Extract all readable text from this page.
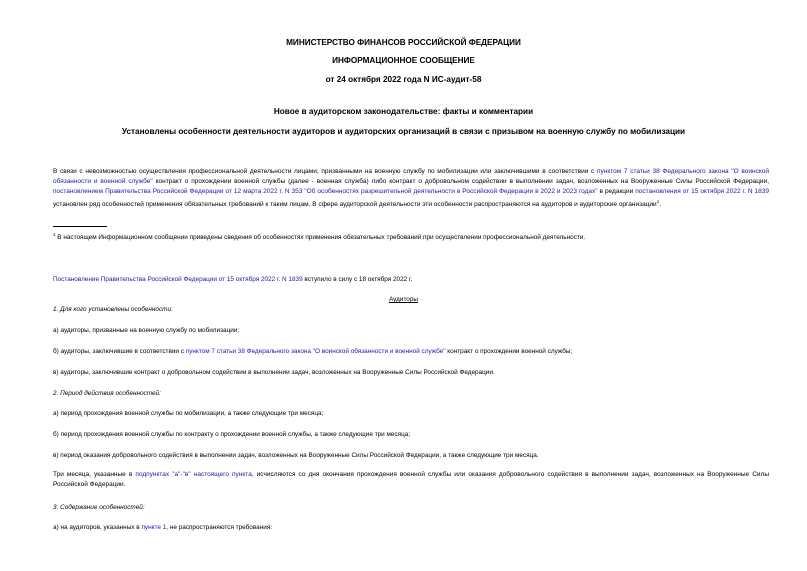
МИНИСТЕРСТВО ФИНАНСОВ РОССИЙСКОЙ ФЕДЕРАЦИИ
ИНФОРМАЦИОННОЕ СООБЩЕНИЕ
от 24 октября 2022 года N ИС-аудит-58
Новое в аудиторском законодательстве: факты и комментарии
Установлены особенности деятельности аудиторов и аудиторских организаций в связи с призывом на военную службу по мобилизации
В связи с невозможностью осуществления профессиональной деятельности лицами, призванными на военную службу по мобилизации или заключившими в соответствии с пунктом 7 статьи 38 Федерального закона "О воинской обязанности и военной службе" контракт о прохождении военной службы (далее - военная служба) либо контракт о добровольном содействии в выполнении задач, возложенных на Вооруженные Силы Российской Федерации, постановлением Правительства Российской Федерации от 12 марта 2022 г. N 353 "Об особенностях разрешительной деятельности в Российской Федерации в 2022 и 2023 годах" в редакции постановления от 15 октября 2022 г. N 1839 установлен ряд особенностей применения обязательных требований к таким лицам. В сфере аудиторской деятельности эти особенности распространяются на аудиторов и аудиторские организации$^1$.
$^1$ В настоящем Информационном сообщении приведены сведения об особенностях применения обязательных требований при осуществлении профессиональной деятельности.
Постановление Правительства Российской Федерации от 15 октября 2022 г. N 1839 вступило в силу с 18 октября 2022 г.
Аудиторы
1. Для кого установлены особенности:
а) аудиторы, призванные на военную службу по мобилизации;
б) аудиторы, заключившие в соответствии с пунктом 7 статьи 38 Федерального закона "О воинской обязанности и военной службе" контракт о прохождении военной службы;
в) аудиторы, заключившие контракт о добровольном содействии в выполнении задач, возложенных на Вооруженные Силы Российской Федерации.
2. Период действия особенностей:
а) период прохождения военной службы по мобилизации, а также следующие три месяца;
б) период прохождения военной службы по контракту о прохождении военной службы, а также следующие три месяца;
в) период оказания добровольного содействия в выполнении задач, возложенных на Вооруженные Силы Российской Федерации, а также следующие три месяца.
Три месяца, указанные в подпунктах "а"-"в" настоящего пункта, исчисляются со дня окончания прохождения военной службы или оказания добровольного содействия в выполнении задач, возложенных на Вооруженные Силы Российской Федерации.
3. Содержание особенностей:
а) на аудиторов, указанных в пункте 1, не распространяются требования:
